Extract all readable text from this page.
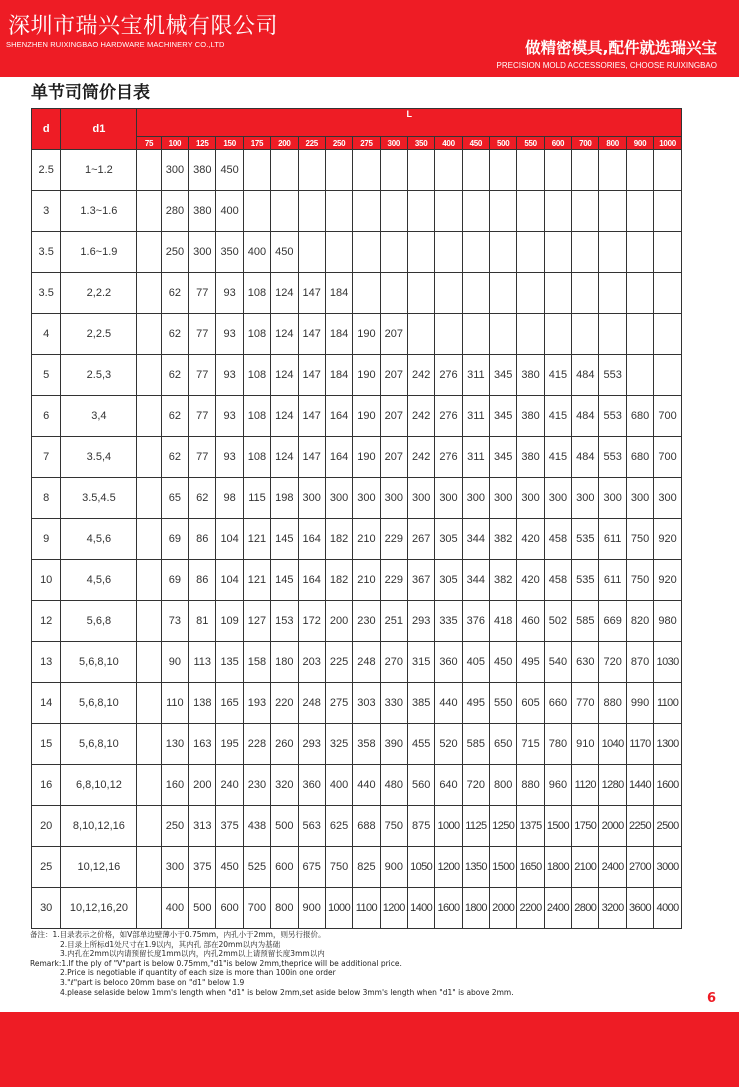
深圳市瑞兴宝机械有限公司
SHENZHEN RUIXINGBAO HARDWARE MACHINERY CO.,LTD	做精密模具,配件就选瑞兴宝
PRECISION MOLD ACCESSORIES, CHOOSE RUIXINGBAO
单节司筒价目表
d	d1	L																			
		75	100	125	150	175	200	225	250	275	300	350	400	450	500	550	600	700	800	900	1000
2.5	1~1.2		300	380	450																
3	1.3~1.6		280	380	400																
3.5	1.6~1.9		250	300	350	400	450														
3.5	2,2.2		62	77	93	108	124	147	184												
4	2,2.5		62	77	93	108	124	147	184	190	207										
5	2.5,3		62	77	93	108	124	147	184	190	207	242	276	311	345	380	415	484	553		
6	3,4		62	77	93	108	124	147	164	190	207	242	276	311	345	380	415	484	553	680	700
7	3.5,4		62	77	93	108	124	147	164	190	207	242	276	311	345	380	415	484	553	680	700
8	3.5,4.5		65	62	98	115	198	300	300	300	300	300	300	300	300	300	300	300	300	300	300
9	4,5,6		69	86	104	121	145	164	182	210	229	267	305	344	382	420	458	535	611	750	920
10	4,5,6		69	86	104	121	145	164	182	210	229	367	305	344	382	420	458	535	611	750	920
12	5,6,8		73	81	109	127	153	172	200	230	251	293	335	376	418	460	502	585	669	820	980
13	5,6,8,10		90	113	135	158	180	203	225	248	270	315	360	405	450	495	540	630	720	870	1030
14	5,6,8,10		110	138	165	193	220	248	275	303	330	385	440	495	550	605	660	770	880	990	1100
15	5,6,8,10		130	163	195	228	260	293	325	358	390	455	520	585	650	715	780	910	1040	1170	1300
16	6,8,10,12		160	200	240	230	320	360	400	440	480	560	640	720	800	880	960	1120	1280	1440	1600
20	8,10,12,16		250	313	375	438	500	563	625	688	750	875	1000	1125	1250	1375	1500	1750	2000	2250	2500
25	10,12,16		300	375	450	525	600	675	750	825	900	1050	1200	1350	1500	1650	1800	2100	2400	2700	3000
30	10,12,16,20		400	500	600	700	800	900	1000	1100	1200	1400	1600	1800	2000	2200	2400	2800	3200	3600	4000
备注：1.目录表示之价格，如V部单边壁薄小于0.75mm，内孔小于2mm，则另行报价。
2.目录上所标d1处尺寸在1.9以内，其内孔 部在20mm以内为基础
3.内孔在2mm以内请预留长度1mm以内，内孔2mm以上请预留长度3mm以内
Remark:1.If the ply of "V"part is below 0.75mm,"d1"is below 2mm,theprice will be additional price.
2.Price is negotiable if quantity of each size is more than 100in one order
3."ℓ"part is beloco 20mm base on "d1" below 1.9
4.please selaside below 1mm's length when "d1" is below 2mm,set aside below 3mm's length when "d1" is above 2mm.	6
